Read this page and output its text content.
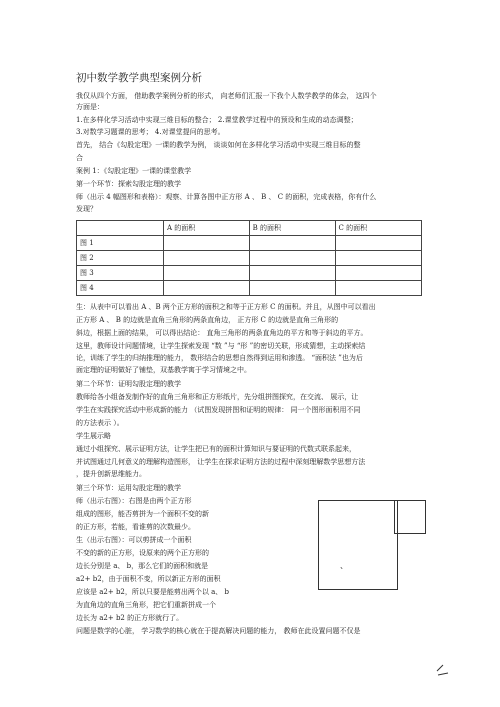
初中数学教学典型案例分析
我仅从四个方面， 借助教学案例分析的形式， 向老师们汇报一下我个人数学教学的体会， 这四个
方面是：
1.在多样化学习活动中实现三维目标的整合； 2.课堂教学过程中的预设和生成的动态调整；
3.对数学习题课的思考； 4.对课堂提问的思考。
首先， 结合《勾股定理》一课的教学为例， 谈谈如何在多样化学习活动中实现三维目标的整
合
案例 1：《勾股定理》一课的课堂教学
第一个环节：探索勾股定理的教学
师（出示 4 幅图形和表格）：观察、计算各图中正方形 A 、 B 、 C 的面积，完成表格，你有什么
发现？
	A 的面积	B 的面积	C 的面积
图 1			
图 2			
图 3			
图 4			
生：从表中可以看出 A 、B 两个正方形的面积之和等于正方形 C 的面积。并且，从图中可以看出
正方形 A 、 B 的边就是直角三角形的两条直角边， 正方形 C 的边就是直角三角形的
斜边，根据上面的结果， 可以得出结论： 直角三角形的两条直角边的平方和等于斜边的平方。
这里，教师设计问题情境，让学生探索发现 “数 ”与 “形 ”的密切关联，形成猜想，主动探索结
论，训练了学生的归纳推理的能力， 数形结合的思想自然得到运用和渗透。 “面积法 ”也为后
面定理的证明做好了铺垫，双基教学寓于学习情境之中。
第二个环节：证明勾股定理的教学
教师给各小组备发制作好的直角三角形和正方形纸片，先分组拼图探究，在交流、 展示，让
学生在实践探究活动中形成新的能力 （试图发现拼图和证明的规律： 同一个图形面积用不同
的方法表示 ）。
学生展示略
通过小组探究、展示证明方法，让学生把已有的面积计算知识与要证明的代数式联系起来，
并试图通过几何意义的理解构造图形， 让学生在探求证明方法的过程中深刻理解数学思想方法
，提升创新思维能力。
第三个环节：运用勾股定理的教学
师（出示右图）：右图是由两个正方形
组成的图形，能否剪拼为一个面积不变的新
的正方形，若能，看谁剪的次数最少。
生（出示右图）：可以剪拼成一个面积
不变的新的正方形，设原来的两个正方形的
边长分别是 a、 b，那么它们的面积和就是
a2+ b2，由于面积不变，所以新正方形的面积
应该是 a2+ b2，所以只要是能剪出两个以 a、 b
为直角边的直角三角形，把它们重新拼成一个
边长为 a2+ b2 的正方形就行了。
问题是数学的心脏， 学习数学的核心就在于提高解决问题的能力， 教师在此设置问题不仅是
、
